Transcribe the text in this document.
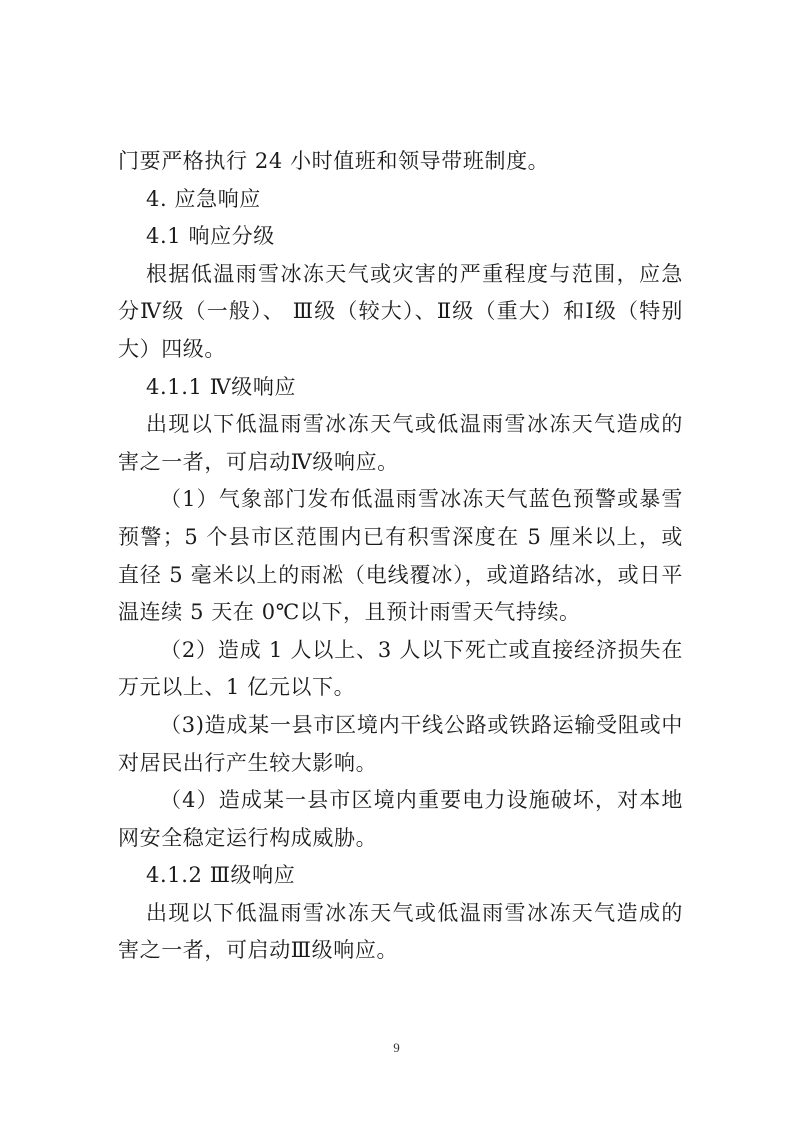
门要严格执行 24 小时值班和领导带班制度。
4. 应急响应
4.1 响应分级
根据低温雨雪冰冻天气或灾害的严重程度与范围，应急
分Ⅳ级（一般）、 Ⅲ级（较大）、Ⅱ级（重大）和Ⅰ级（特别
大）四级。
4.1.1 Ⅳ级响应
出现以下低温雨雪冰冻天气或低温雨雪冰冻天气造成的
害之一者，可启动Ⅳ级响应。
（1）气象部门发布低温雨雪冰冻天气蓝色预警或暴雪
预警；5 个县市区范围内已有积雪深度在 5 厘米以上，或
直径 5 毫米以上的雨凇（电线覆冰），或道路结冰，或日平
温连续 5 天在 0℃以下，且预计雨雪天气持续。
（2）造成 1 人以上、3 人以下死亡或直接经济损失在
万元以上、1 亿元以下。
（3)造成某一县市区境内干线公路或铁路运输受阻或中
对居民出行产生较大影响。
（4）造成某一县市区境内重要电力设施破坏，对本地
网安全稳定运行构成威胁。
4.1.2 Ⅲ级响应
出现以下低温雨雪冰冻天气或低温雨雪冰冻天气造成的
害之一者，可启动Ⅲ级响应。
9
